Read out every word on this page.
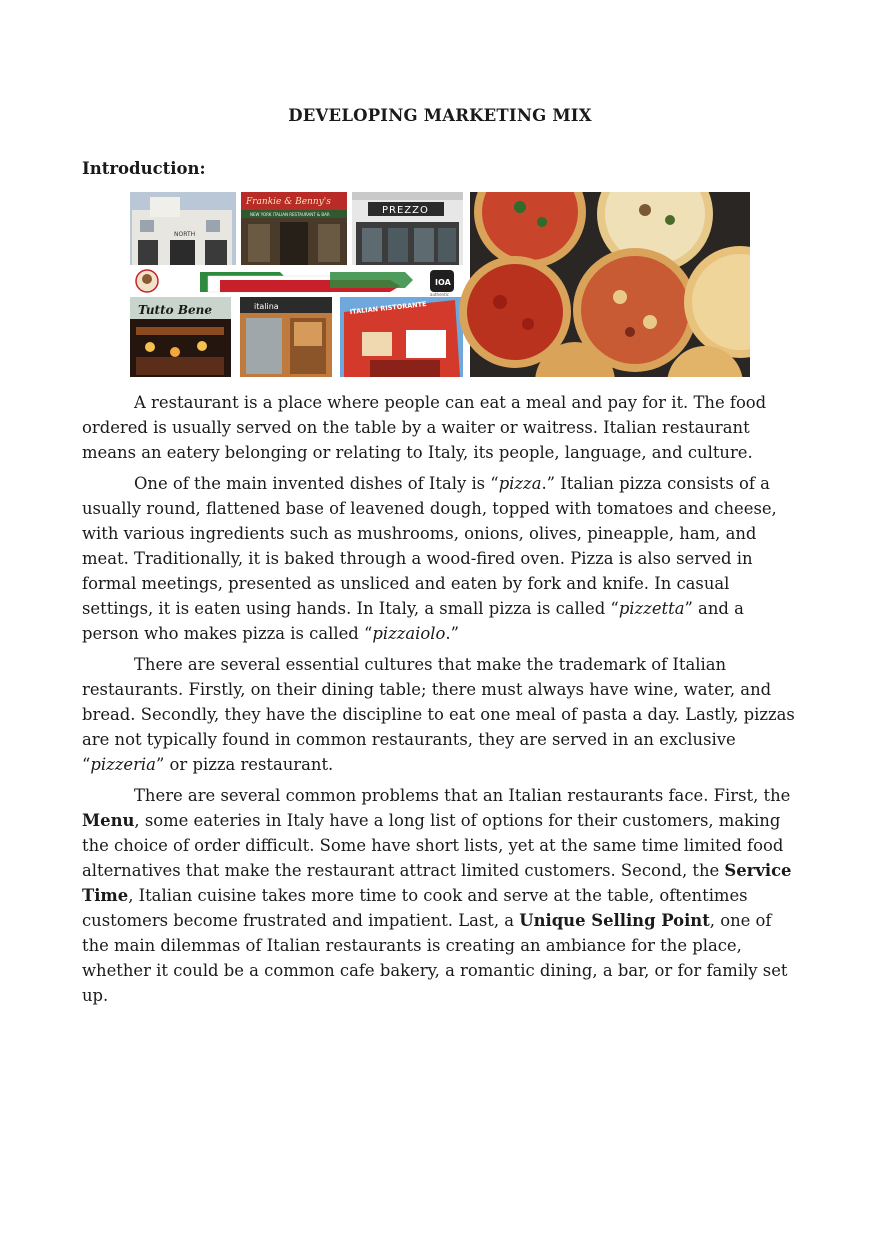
DEVELOPING MARKETING MIX
Introduction:
NORTH
Frankie & Benny's
NEW YORK ITALIAN RESTAURANT & BAR	PREZZO
IOA
authentic
Tutto Bene	italina	ITALIAN RISTORANTE

A restaurant is a place where people can eat a meal and pay for it. The food ordered is usually served on the table by a waiter or waitress. Italian restaurant means an eatery belonging or relating to Italy, its people, language, and culture.

One of the main invented dishes of Italy is “pizza.” Italian pizza consists of a usually round, flattened base of leavened dough, topped with tomatoes and cheese, with various ingredients such as mushrooms, onions, olives, pineapple, ham, and meat. Traditionally, it is baked through a wood-fired oven. Pizza is also served in formal meetings, presented as unsliced and eaten by fork and knife. In casual settings, it is eaten using hands. In Italy, a small pizza is called “pizzetta” and a person who makes pizza is called “pizzaiolo.”

There are several essential cultures that make the trademark of Italian restaurants. Firstly, on their dining table; there must always have wine, water, and bread. Secondly, they have the discipline to eat one meal of pasta a day. Lastly, pizzas are not typically found in common restaurants, they are served in an exclusive “pizzeria” or pizza restaurant.

There are several common problems that an Italian restaurants face. First, the Menu, some eateries in Italy have a long list of options for their customers, making the choice of order difficult. Some have short lists, yet at the same time limited food alternatives that make the restaurant attract limited customers. Second, the Service Time, Italian cuisine takes more time to cook and serve at the table, oftentimes customers become frustrated and impatient. Last, a Unique Selling Point, one of the main dilemmas of Italian restaurants is creating an ambiance for the place, whether it could be a common cafe bakery, a romantic dining, a bar, or for family set up.
